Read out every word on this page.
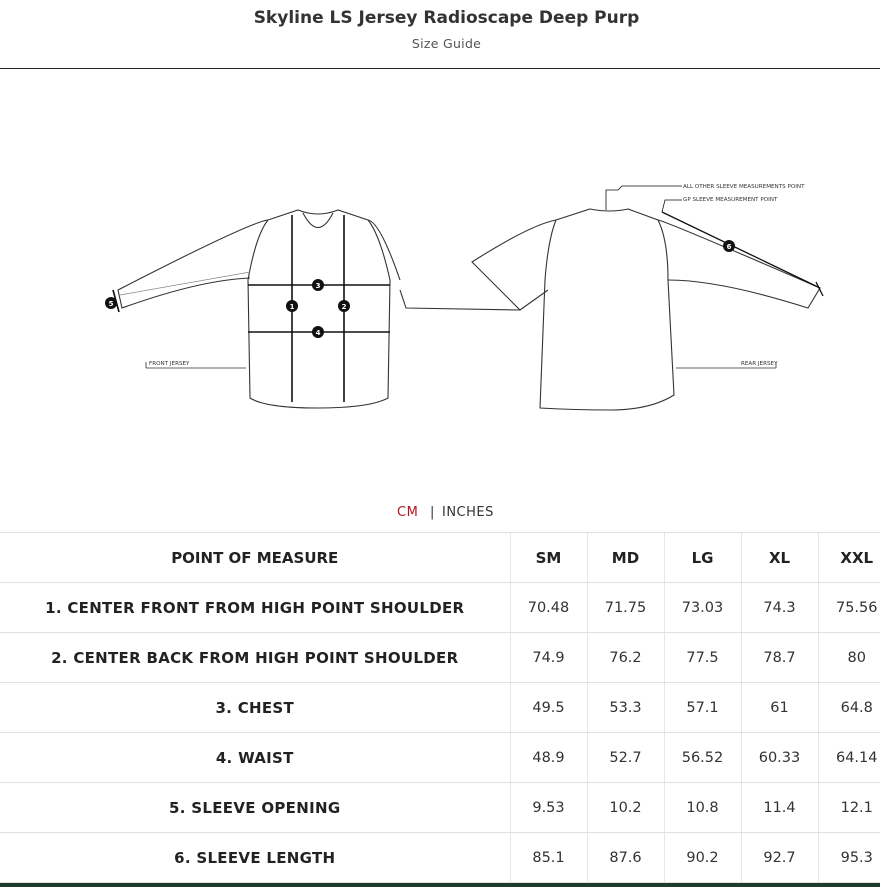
Skyline LS Jersey Radioscape Deep Purp
Size Guide
FRONT JERSEY
ALL OTHER SLEEVE MEASUREMENTS POINT
GP SLEEVE MEASUREMENT POINT
REAR JERSEY
1	2
3
4
5
6
CM | INCHES
POINT OF MEASURE	SM	MD	LG	XL	XXL
1. CENTER FRONT FROM HIGH POINT SHOULDER	70.48	71.75	73.03	74.3	75.56
2. CENTER BACK FROM HIGH POINT SHOULDER	74.9	76.2	77.5	78.7	80
3. CHEST	49.5	53.3	57.1	61	64.8
4. WAIST	48.9	52.7	56.52	60.33	64.14
5. SLEEVE OPENING	9.53	10.2	10.8	11.4	12.1
6. SLEEVE LENGTH	85.1	87.6	90.2	92.7	95.3
